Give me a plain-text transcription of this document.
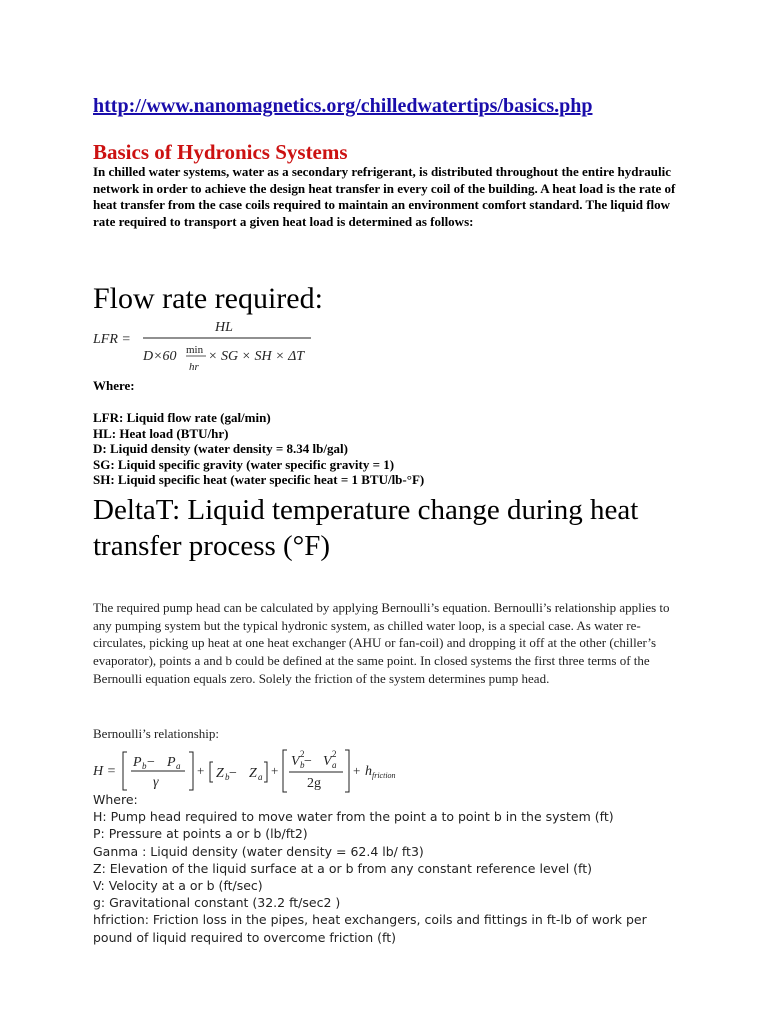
http://www.nanomagnetics.org/chilledwatertips/basics.php
Basics of Hydronics Systems
In chilled water systems, water as a secondary refrigerant, is distributed throughout the entire hydraulic network in order to achieve the design heat transfer in every coil of the building. A heat load is the rate of heat transfer from the case coils required to maintain an environment comfort standard. The liquid flow rate required to transport a given heat load is determined as follows:
Flow rate required:
LFR =
HL
D×60 min
hr
× SG × SH × ΔT
Where:
LFR: Liquid flow rate (gal/min)
HL: Heat load (BTU/hr)
D: Liquid density (water density = 8.34 lb/gal)
SG: Liquid specific gravity (water specific gravity = 1)
SH: Liquid specific heat (water specific heat = 1 BTU/lb-°F)
DeltaT: Liquid temperature change during heat transfer process (°F)
The required pump head can be calculated by applying Bernoulli’s equation. Bernoulli’s relationship applies to any pumping system but the typical hydronic system, as chilled water loop, is a special case. As water re-circulates, picking up heat at one heat exchanger (AHU or fan-coil) and dropping it off at the other (chiller’s evaporator), points a and b could be defined at the same point. In closed systems the first three terms of the Bernoulli equation equals zero. Solely the friction of the system determines pump head.
Bernoulli’s relationship:
H =
P b − P a
γ
+ Z b − Z a +
V 2
b − V 2
a
2g
+ h friction
Where:
H: Pump head required to move water from the point a to point b in the system (ft)
P: Pressure at points a or b (lb/ft2)
Ganma : Liquid density (water density = 62.4 lb/ ft3)
Z: Elevation of the liquid surface at a or b from any constant reference level (ft)
V: Velocity at a or b (ft/sec)
g: Gravitational constant (32.2 ft/sec2 )
hfriction: Friction loss in the pipes, heat exchangers, coils and fittings in ft-lb of work per pound of liquid required to overcome friction (ft)
